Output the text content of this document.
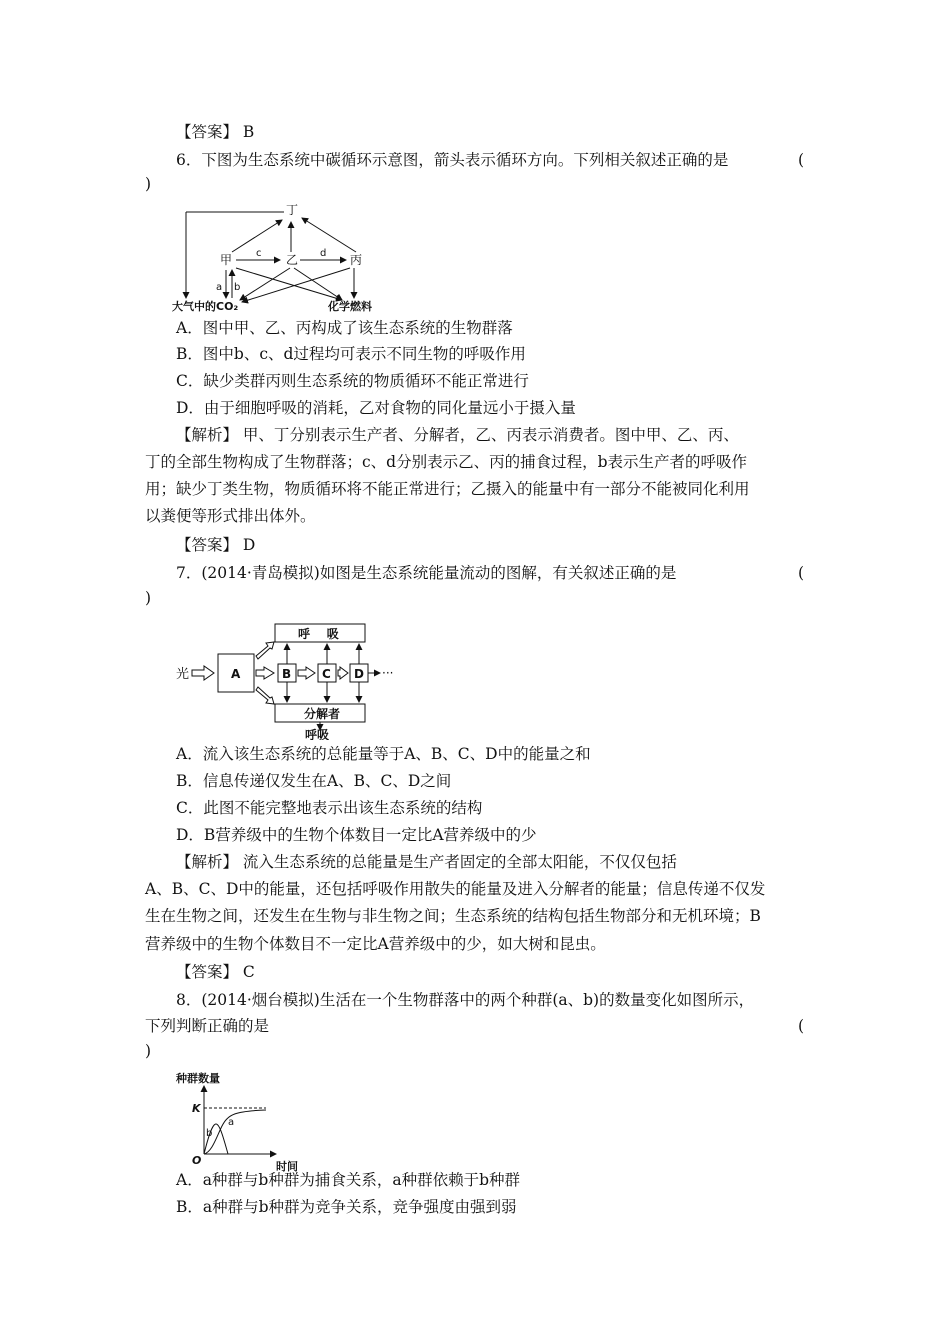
【答案】 B
6．下图为生态系统中碳循环示意图，箭头表示循环方向。下列相关叙述正确的是	(
)
丁
甲	乙	丙
c	d
a b
大气中的CO₂	化学燃料
A．图中甲、乙、丙构成了该生态系统的生物群落
B．图中b、c、d过程均可表示不同生物的呼吸作用
C．缺少类群丙则生态系统的物质循环不能正常进行
D．由于细胞呼吸的消耗，乙对食物的同化量远小于摄入量
【解析】 甲、丁分别表示生产者、分解者，乙、丙表示消费者。图中甲、乙、丙、
丁的全部生物构成了生物群落；c、d分别表示乙、丙的捕食过程，b表示生产者的呼吸作
用；缺少丁类生物，物质循环将不能正常进行；乙摄入的能量中有一部分不能被同化利用
以粪便等形式排出体外。
【答案】 D
7．(2014·青岛模拟)如图是生态系统能量流动的图解，有关叙述正确的是	(
)
光	A	B	C D ···
呼    吸
分解者
呼吸
A．流入该生态系统的总能量等于A、B、C、D中的能量之和
B．信息传递仅发生在A、B、C、D之间
C．此图不能完整地表示出该生态系统的结构
D．B营养级中的生物个体数目一定比A营养级中的少
【解析】 流入生态系统的总能量是生产者固定的全部太阳能，不仅仅包括
A、B、C、D中的能量，还包括呼吸作用散失的能量及进入分解者的能量；信息传递不仅发
生在生物之间，还发生在生物与非生物之间；生态系统的结构包括生物部分和无机环境；B
营养级中的生物个体数目不一定比A营养级中的少，如大树和昆虫。
【答案】 C
8．(2014·烟台模拟)生活在一个生物群落中的两个种群(a、b)的数量变化如图所示，
下列判断正确的是	(
)
种群数量
时间
K
O
a
b
A．a种群与b种群为捕食关系，a种群依赖于b种群
B．a种群与b种群为竞争关系，竞争强度由强到弱
